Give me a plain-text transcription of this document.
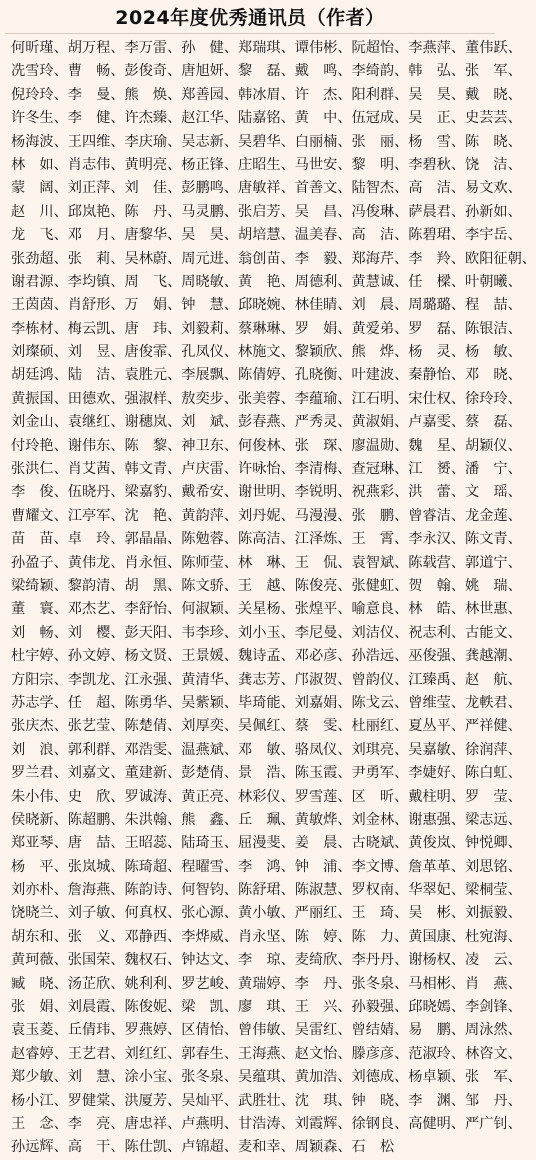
2024年度优秀通讯员（作者）
何昕瑾、胡万程、李万雷、孙　健、郑瑞琪、谭伟彬、阮超怡、李燕萍、董伟跃、
冼雪玲、曹　畅、彭俊奇、唐旭妍、黎　磊、戴　鸣、李绮韵、韩　弘、张　军、
倪玲玲、李　曼、熊　焕、郑善园、韩冰眉、许　杰、阳利群、吴　昊、戴　晓、
许冬生、李　健、许杰臻、赵江华、陆嘉铭、黄　中、伍冠成、吴　正、史芸芸、
杨海波、王四维、李庆瑜、吴志新、吴碧华、白丽楠、张　丽、杨　雪、陈　晓、
林　如、肖志伟、黄明亮、杨正锋、庄昭生、马世安、黎　明、李碧秋、饶　洁、
蒙　阔、刘正萍、刘　佳、彭鹏鸣、唐敏祥、首善文、陆智杰、高　洁、易文欢、
赵　川、邱岚艳、陈　丹、马灵鹏、张启芳、吴　昌、冯俊琳、萨晨君、孙新如、
龙　飞、邓　月、唐黎华、吴　昊、胡培慧、温美春、高　洁、陈碧珺、李宇岳、
张劲超、张　莉、吴林蔚、周元进、翁创苗、李　毅、郑海芹、李　羚、欧阳征朝、
谢君源、李均镇、周　飞、周晓敏、黄　艳、周德利、黄慧诚、任　樑、叶朝曦、
王茵茵、肖舒形、万　娟、钟　慧、邱晓婉、林佳睛、刘　晨、周璐璐、程　喆、
李栋材、梅云凯、唐　玮、刘毅莉、蔡琳琳、罗　娟、黄爱弟、罗　磊、陈银洁、
刘璨硕、刘　昱、唐俊霏、孔凤仪、林施文、黎颖欣、熊　烨、杨　灵、杨　敏、
胡廷鸿、陆　洁、袁胜元、李展飘、陈倩婷、孔晓衡、叶建波、秦静怡、邓　晓、
黄振国、田德欢、强淑样、敖奕步、张美蓉、李蕴瑜、江石明、宋仕权、徐玲玲、
刘金山、袁继红、谢穗岚、刘　斌、彭春燕、严秀灵、黄淑娟、卢嘉雯、蔡　磊、
付玲艳、谢伟东、陈　黎、神卫东、何俊林、张　琛、廖温勋、魏　星、胡颖仪、
张洪仁、肖艾茜、韩文青、卢庆雷、许咏怡、李清梅、查冠琳、江　赟、潘　宁、
李　俊、伍晓丹、梁嘉豹、戴希安、谢世明、李锐明、祝燕彩、洪　蕾、文　瑶、
曹耀文、江亭军、沈　艳、黄韵萍、刘丹妮、马漫漫、张　鹏、曾睿洁、龙金莲、
苗　苗、卓　玲、郭晶晶、陈勉蓉、陈高洁、江泽炼、王　霄、李永汉、陈文青、
孙盈子、黄伟龙、肖永恒、陈师莹、林　琳、王　侃、袁智斌、陈载营、郭道宁、
梁绮颖、黎韵清、胡　黑、陈文骄、王　越、陈俊亮、张健虹、贺　翰、姚　瑞、
董　寰、邓杰艺、李舒怡、何淑颖、关星杨、张煌平、喻意良、林　皓、林世惠、
刘　畅、刘　樱、彭天阳、韦李珍、刘小玉、李尼曼、刘洁仪、祝志利、古能文、
杜宇婷、孙文婷、杨文贤、王景媛、魏诗孟、邓必彦、孙浩远、巫俊强、龚越潮、
方阳宗、李凯龙、江永强、黄清华、龚志芳、邝淑贺、曾韵仪、江臻禹、赵　航、
苏志学、任　超、陈勇华、吴紫颖、毕琦能、刘嘉娟、陈戈云、曾维莹、龙軼君、
张庆杰、张艺莹、陈楚倩、刘厚奕、吴佩红、蔡　雯、杜丽红、夏丛平、严祥健、
刘　浪、郭利群、邓浩雯、温燕斌、邓　敏、骆凤仪、刘琪亮、吴嘉敏、徐润萍、
罗兰君、刘嘉文、董建新、彭楚倩、景　浩、陈玉霞、尹勇军、李婕好、陈白虹、
朱小伟、史　欣、罗诚涛、黄正亮、林彩仪、罗雪莲、区　昕、戴柱明、罗　莹、
侯晓新、陈超鹏、朱洪翰、熊　鑫、丘　珮、黄敏烨、刘金林、谢惠强、梁志远、
郑亚琴、唐　喆、王昭蕊、陆琦玉、屈漫斐、姜　晨、古晓斌、黄俊岚、钟悦卿、
杨　平、张岚城、陈琦超、程曜雪、李　鸿、钟　浦、李文博、詹革革、刘思铭、
刘亦朴、詹海燕、陈韵诗、何智钧、陈舒珺、陈淑慧、罗权南、华翠妃、梁桐莹、
饶晓兰、刘子敏、何真权、张心源、黄小敏、严丽红、王　琦、吴　彬、刘振毅、
胡东和、张　义、邓静西、李烨威、肖永坚、陈　婷、陈　力、黄国康、杜宛海、
黄珂薇、张国荣、魏权石、钟达文、李　琼、麦绮欣、李丹丹、谢杨权、凌　云、
臧　晓、汤芷欣、姚利利、罗艺峻、黄瑞婷、李　丹、张冬泉、马相彬、肖　燕、
张　娟、刘晨霞、陈俊妮、梁　凯、廖　琪、王　兴、孙毅强、邱晓嫣、李剑锋、
袁玉菱、丘倩玮、罗燕婷、区倩怡、曾伟敏、吴雷红、曾结婧、易　鹏、周泳然、
赵睿婷、王艺君、刘红红、郭春生、王海燕、赵文怡、滕彦彦、范淑玲、林咨文、
郑少敏、刘　慧、涂小宝、张冬泉、吴蕴琪、黄加浩、刘德成、杨卓颖、张　军、
杨小江、罗健棠、洪厦芳、吴灿平、武胜壮、沈　琪、钟　晓、李　渊、邹　丹、
王　念、李　亮、唐忠祥、卢燕明、甘浩涛、刘霞辉、徐钢良、高健明、严广钊、
孙远辉、高　干、陈仕凯、卢锦超、麦和幸、周颖森、石　松
